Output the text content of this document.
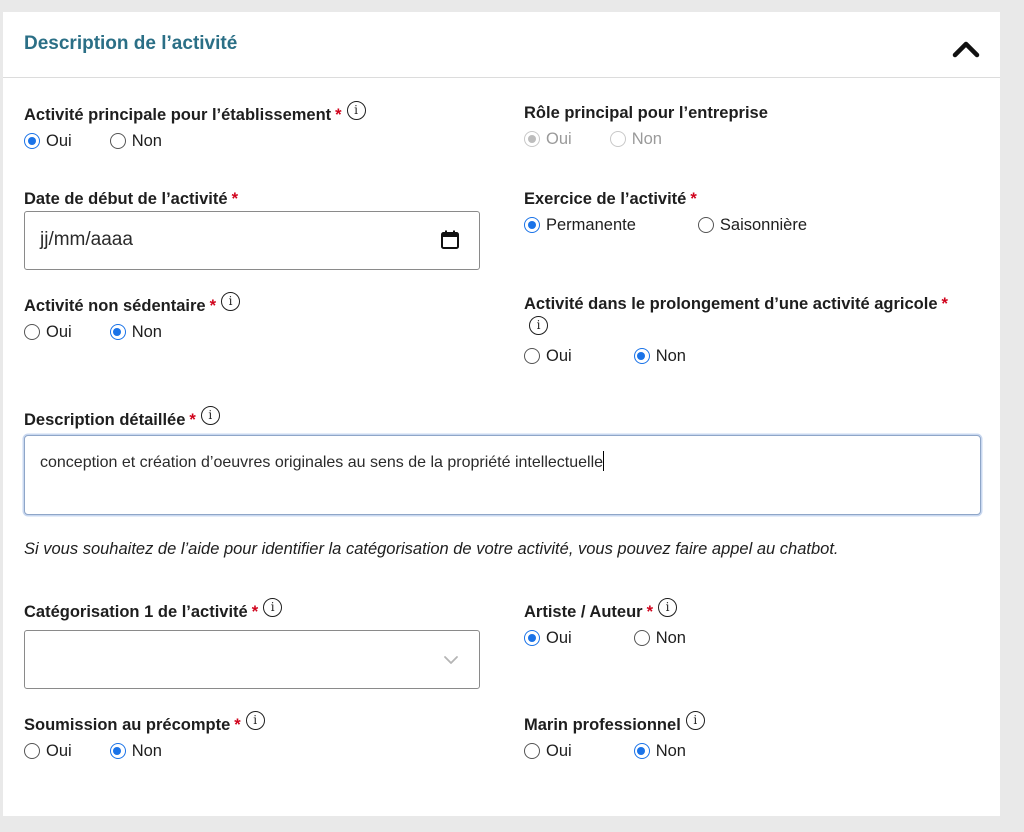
Description de l’activité
Activité principale pour l’établissement * i
Oui	Non
Rôle principal pour l’entreprise
Oui	Non
Date de début de l’activité *
jj/mm/aaaa
Exercice de l’activité *
Permanente	Saisonnière
Activité non sédentaire * i
Oui	Non
Activité dans le prolongement d’une activité agricole *i
Oui	Non
Description détaillée * i
conception et création d’oeuvres originales au sens de la propriété intellectuelle
Si vous souhaitez de l’aide pour identifier la catégorisation de votre activité, vous pouvez faire appel au chatbot.
Catégorisation 1 de l’activité * i	Artiste / Auteur * i
Oui	Non
Soumission au précompte * i
Oui	Non
Marin professionnel i
Oui	Non
